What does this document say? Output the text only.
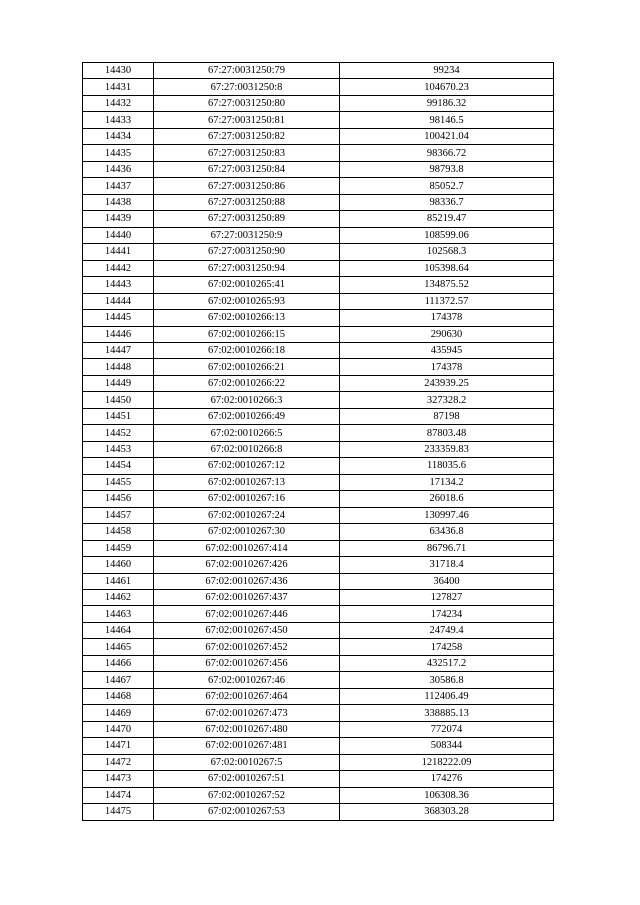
14430	67:27:0031250:79	99234
14431	67:27:0031250:8	104670.23
14432	67:27:0031250:80	99186.32
14433	67:27:0031250:81	98146.5
14434	67:27:0031250:82	100421.04
14435	67:27:0031250:83	98366.72
14436	67:27:0031250:84	98793.8
14437	67:27:0031250:86	85052.7
14438	67:27:0031250:88	98336.7
14439	67:27:0031250:89	85219.47
14440	67:27:0031250:9	108599.06
14441	67:27:0031250:90	102568.3
14442	67:27:0031250:94	105398.64
14443	67:02:0010265:41	134875.52
14444	67:02:0010265:93	111372.57
14445	67:02:0010266:13	174378
14446	67:02:0010266:15	290630
14447	67:02:0010266:18	435945
14448	67:02:0010266:21	174378
14449	67:02:0010266:22	243939.25
14450	67:02:0010266:3	327328.2
14451	67:02:0010266:49	87198
14452	67:02:0010266:5	87803.48
14453	67:02:0010266:8	233359.83
14454	67:02:0010267:12	118035.6
14455	67:02:0010267:13	17134.2
14456	67:02:0010267:16	26018.6
14457	67:02:0010267:24	130997.46
14458	67:02:0010267:30	63436.8
14459	67:02:0010267:414	86796.71
14460	67:02:0010267:426	31718.4
14461	67:02:0010267:436	36400
14462	67:02:0010267:437	127827
14463	67:02:0010267:446	174234
14464	67:02:0010267:450	24749.4
14465	67:02:0010267:452	174258
14466	67:02:0010267:456	432517.2
14467	67:02:0010267:46	30586.8
14468	67:02:0010267:464	112406.49
14469	67:02:0010267:473	338885.13
14470	67:02:0010267:480	772074
14471	67:02:0010267:481	508344
14472	67:02:0010267:5	1218222.09
14473	67:02:0010267:51	174276
14474	67:02:0010267:52	106308.36
14475	67:02:0010267:53	368303.28
